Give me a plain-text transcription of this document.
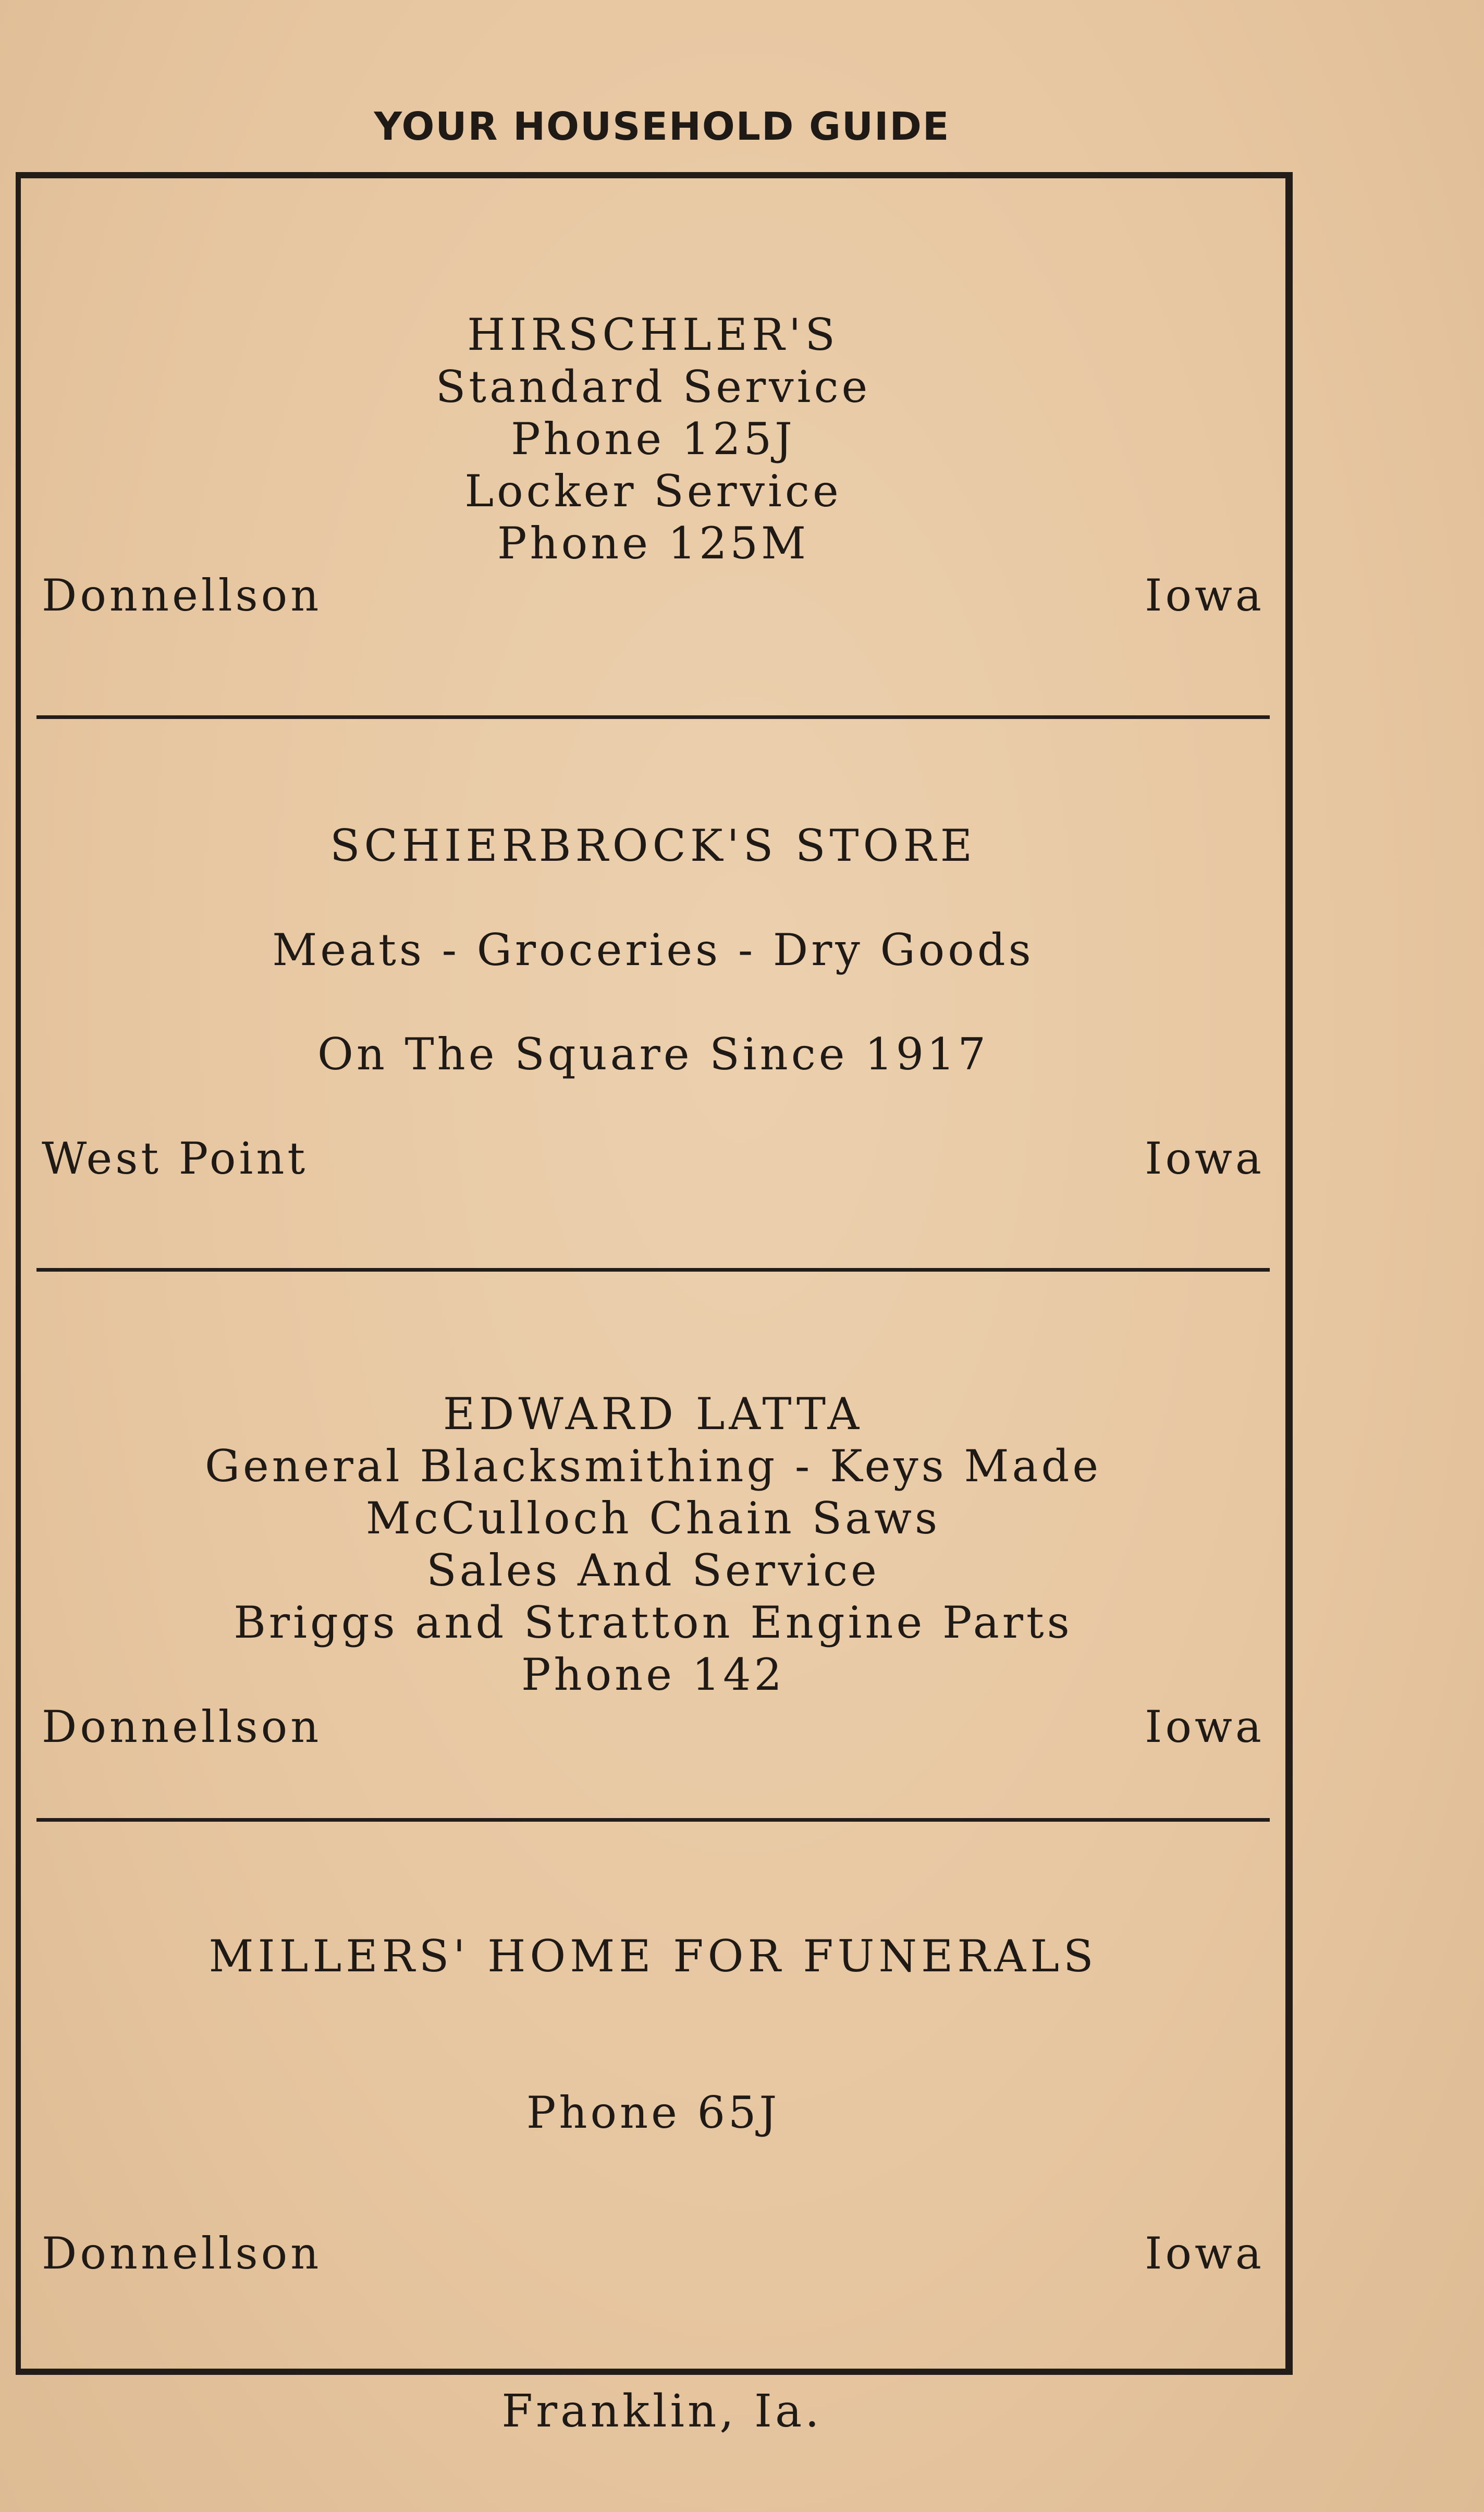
YOUR HOUSEHOLD GUIDE
HIRSCHLER'S
Standard Service
Phone 125J
Locker Service
Phone 125M
Donnellson	Iowa
SCHIERBROCK'S STORE
Meats - Groceries - Dry Goods
On The Square Since 1917
West Point	Iowa
EDWARD LATTA
General Blacksmithing - Keys Made
McCulloch Chain Saws
Sales And Service
Briggs and Stratton Engine Parts
Phone 142
Donnellson	Iowa
MILLERS' HOME FOR FUNERALS
Phone 65J
Donnellson	Iowa
Franklin, Ia.
